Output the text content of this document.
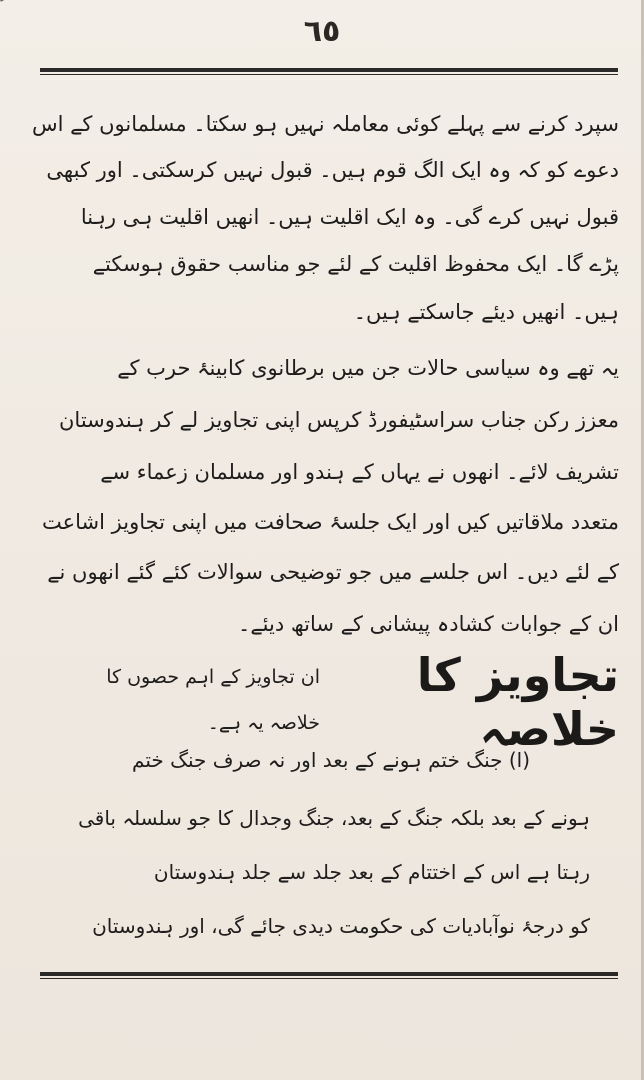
٦٥
سپرد کرنے سے پہلے کوئی معاملہ نہیں ہو سکتا۔ مسلمانوں کے اس
دعوے کو کہ وہ ایک الگ قوم ہیں۔ قبول نہیں کرسکتی۔ اور کبھی
قبول نہیں کرے گی۔ وہ ایک اقلیت ہیں۔ انھیں اقلیت ہی رہنا
پڑے گا۔ ایک محفوظ اقلیت کے لئے جو مناسب حقوق ہوسکتے
ہیں۔ انھیں دیئے جاسکتے ہیں۔
یہ تھے وہ سیاسی حالات جن میں برطانوی کابینۂ حرب کے
معزز رکن جناب سراسٹیفورڈ کرپس اپنی تجاویز لے کر ہندوستان
تشریف لائے۔ انھوں نے یہاں کے ہندو اور مسلمان زعماء سے
متعدد ملاقاتیں کیں اور ایک جلسۂ صحافت میں اپنی تجاویز اشاعت
کے لئے دیں۔ اس جلسے میں جو توضیحی سوالات کئے گئے انھوں نے
ان کے جوابات کشادہ پیشانی کے ساتھ دیئے۔
تجاویز کا خلاصہ
ان تجاویز کے اہم حصوں کا
خلاصہ یہ ہے۔
(ا) جنگ ختم ہونے کے بعد اور نہ صرف جنگ ختم
ہونے کے بعد بلکہ جنگ کے بعد، جنگ وجدال کا جو سلسلہ باقی
رہتا ہے اس کے اختتام کے بعد جلد سے جلد ہندوستان
کو درجۂ نوآبادیات کی حکومت دیدی جائے گی، اور ہندوستان
